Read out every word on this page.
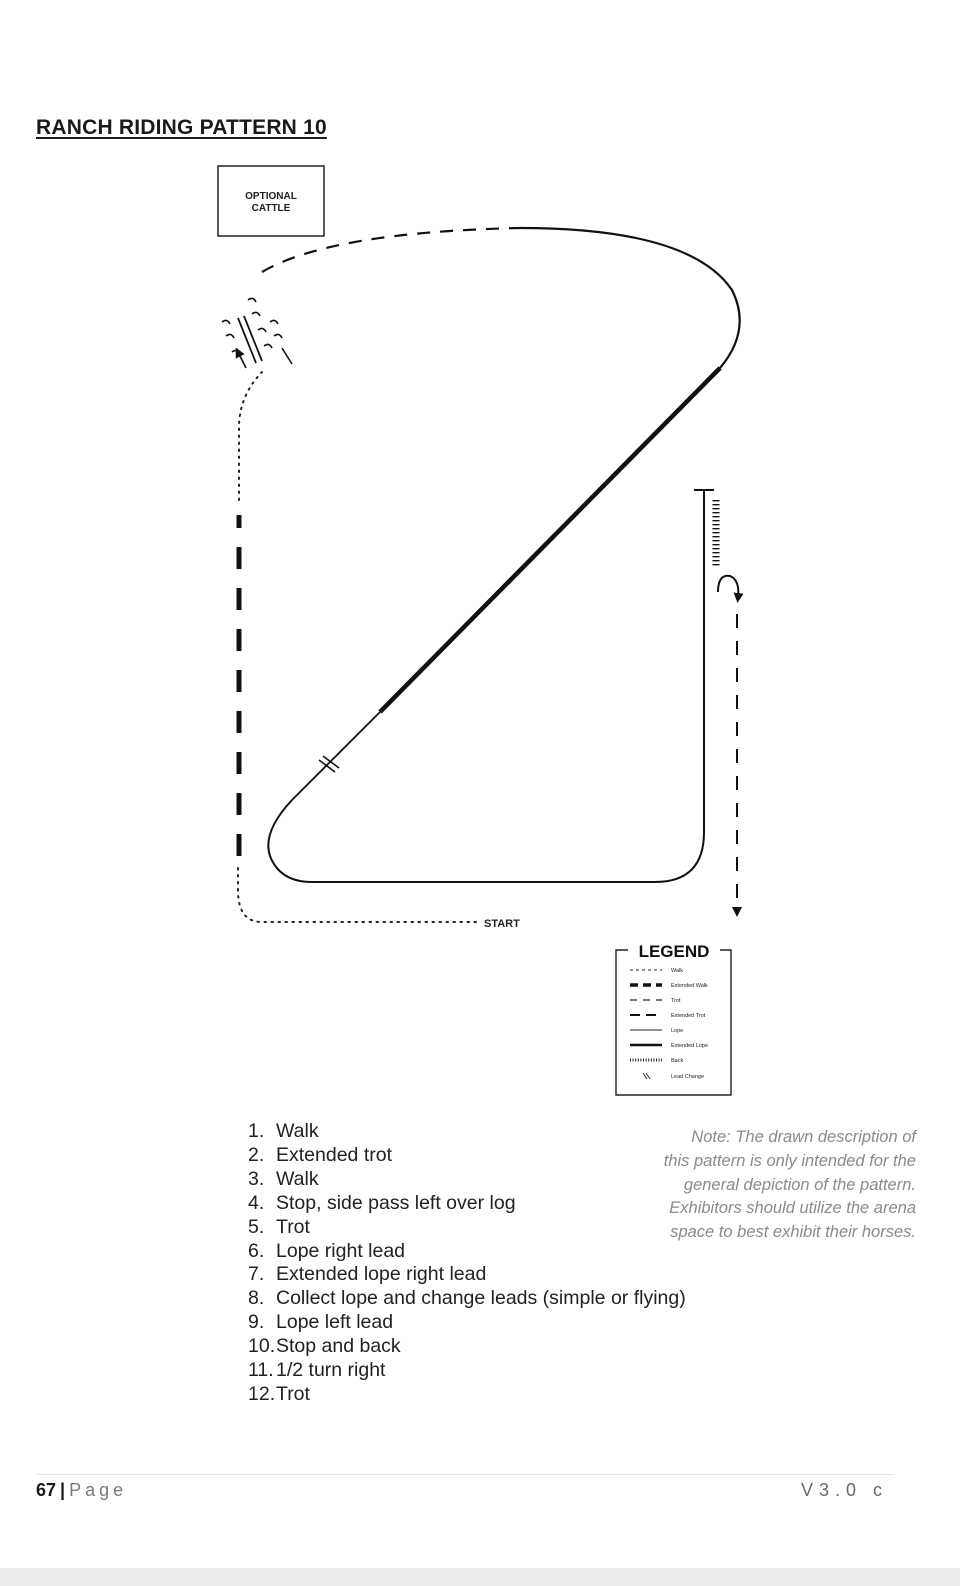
RANCH RIDING PATTERN 10
OPTIONAL
CATTLE
START
LEGEND
Walk
Extended Walk
Trot
Extended Trot
Lope
Extended Lope
Back
Lead Change
1. Walk
2. Extended trot
3. Walk
4. Stop, side pass left over log
5. Trot
6. Lope right lead
7. Extended lope right lead
8. Collect lope and change leads (simple or flying)
9. Lope left lead
10.Stop and back
11. 1/2 turn right
12.Trot
Note: The drawn description of
this pattern is only intended for the
general depiction of the pattern.
Exhibitors should utilize the arena
space to best exhibit their horses.
67 | Page	V3.0 c
